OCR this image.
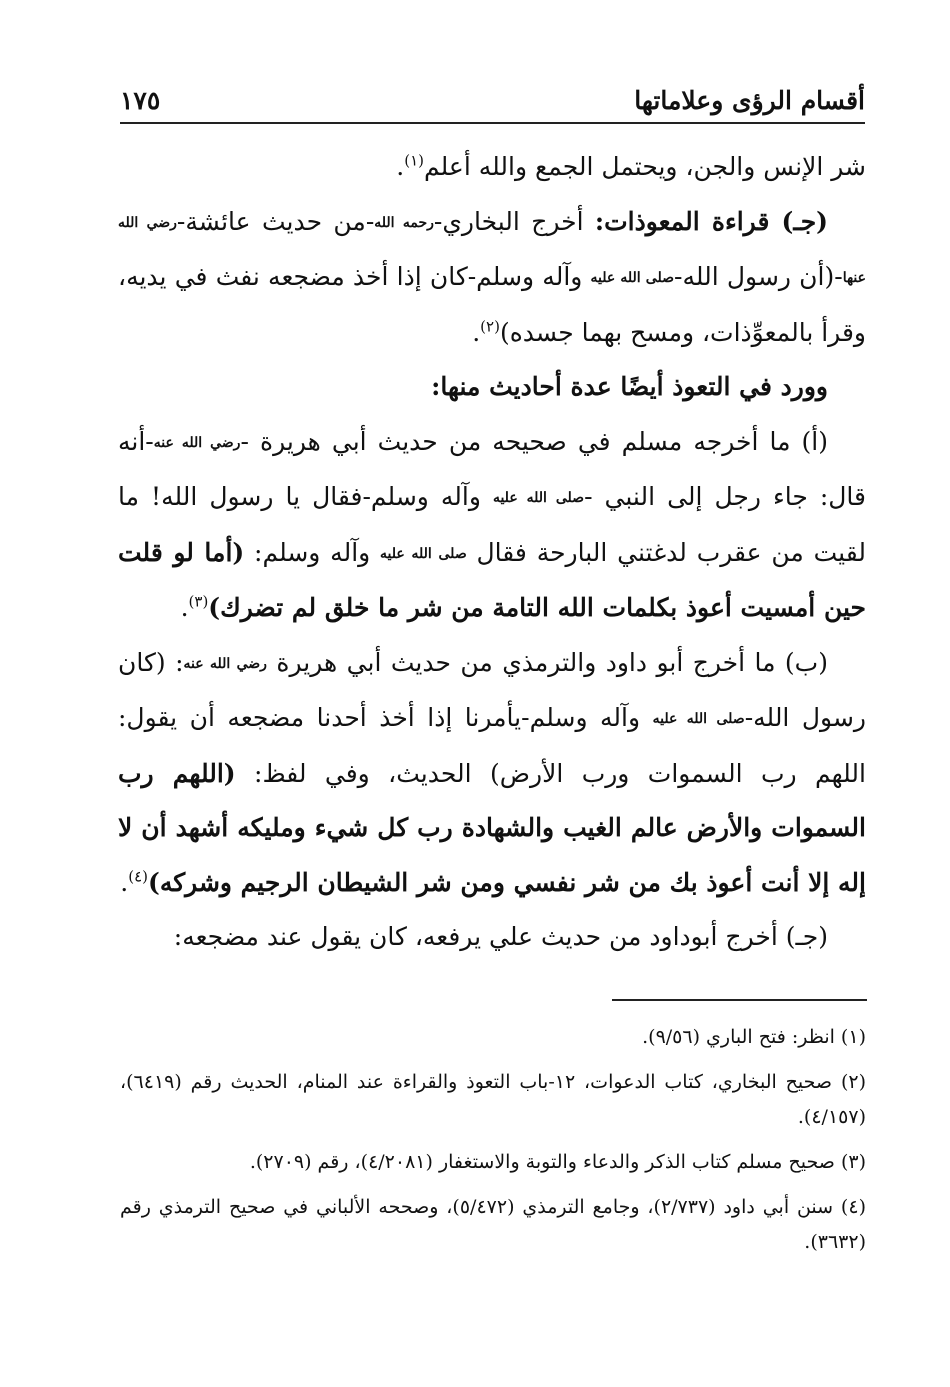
أقسام الرؤى وعلاماتها
١٧٥

شر الإنس والجن، ويحتمل الجمع والله أعلم$^{(١)}$.

(جـ) قراءة المعوذات: أخرج البخاري-رحمه الله-من حديث عائشة-رضي الله عنها-(أن رسول الله-صلى الله عليه وآله وسلم-كان إذا أخذ مضجعه نفث في يديه، وقرأ بالمعوِّذات، ومسح بهما جسده)$^{(٢)}$.

وورد في التعوذ أيضًا عدة أحاديث منها:

(أ) ما أخرجه مسلم في صحيحه من حديث أبي هريرة -رضي الله عنه-أنه قال: جاء رجل إلى النبي -صلى الله عليه وآله وسلم-فقال يا رسول الله! ما لقيت من عقرب لدغتني البارحة فقال صلى الله عليه وآله وسلم: (أما لو قلت حين أمسيت أعوذ بكلمات الله التامة من شر ما خلق لم تضرك)$^{(٣)}$.

(ب) ما أخرج أبو داود والترمذي من حديث أبي هريرة رضي الله عنه: (كان رسول الله-صلى الله عليه وآله وسلم-يأمرنا إذا أخذ أحدنا مضجعه أن يقول: اللهم رب السموات ورب الأرض) الحديث، وفي لفظ: (اللهم رب السموات والأرض عالم الغيب والشهادة رب كل شيء ومليكه أشهد أن لا إله إلا أنت أعوذ بك من شر نفسي ومن شر الشيطان الرجيم وشركه)$^{(٤)}$.

(جـ) أخرج أبوداود من حديث علي يرفعه، كان يقول عند مضجعه:

(١) انظر: فتح الباري (٩/٥٦).

(٢) صحيح البخاري، كتاب الدعوات، ١٢-باب التعوذ والقراءة عند المنام، الحديث رقم (٦٤١٩)، (٤/١٥٧).

(٣) صحيح مسلم كتاب الذكر والدعاء والتوبة والاستغفار (٤/٢٠٨١)، رقم (٢٧٠٩).

(٤) سنن أبي داود (٢/٧٣٧)، وجامع الترمذي (٥/٤٧٢)، وصححه الألباني في صحيح الترمذي رقم (٣٦٣٢).
